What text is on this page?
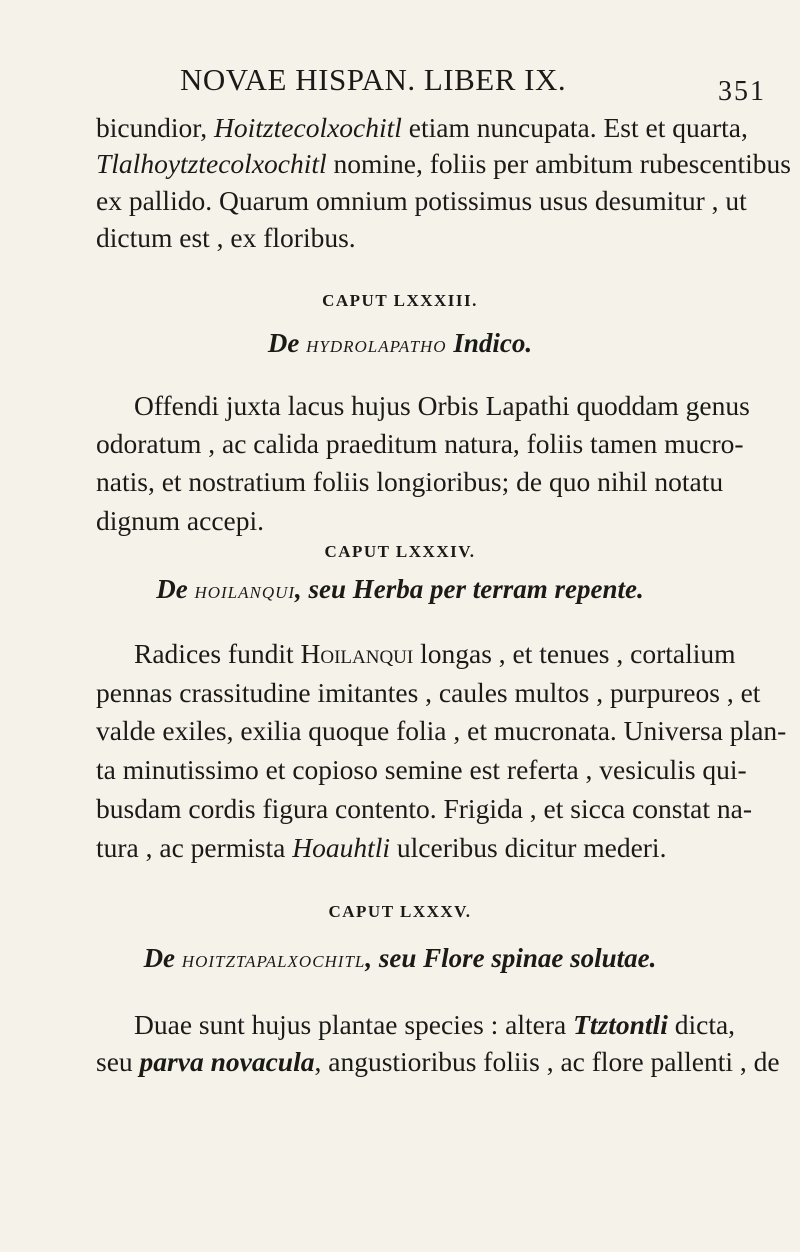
NOVAE HISPAN. LIBER IX.	351
bicundior, Hoitztecolxochitl etiam nuncupata. Est et quarta,
Tlalhoytztecolxochitl nomine, foliis per ambitum rubescentibus
ex pallido. Quarum omnium potissimus usus desumitur , ut
dictum est , ex floribus.
CAPUT LXXXIII.
De hydrolapatho Indico.
Offendi juxta lacus hujus Orbis Lapathi quoddam genus
odoratum , ac calida praeditum natura, foliis tamen mucro-
natis, et nostratium foliis longioribus; de quo nihil notatu
dignum accepi.
CAPUT LXXXIV.
De hoilanqui, seu Herba per terram repente.
Radices fundit Hoilanqui longas , et tenues , cortalium
pennas crassitudine imitantes , caules multos , purpureos , et
valde exiles, exilia quoque folia , et mucronata. Universa plan-
ta minutissimo et copioso semine est referta , vesiculis qui-
busdam cordis figura contento. Frigida , et sicca constat na-
tura , ac permista Hoauhtli ulceribus dicitur mederi.
CAPUT LXXXV.
De hoitztapalxochitl, seu Flore spinae solutae.
Duae sunt hujus plantae species : altera Ttztontli dicta,
seu parva novacula, angustioribus foliis , ac flore pallenti , de
